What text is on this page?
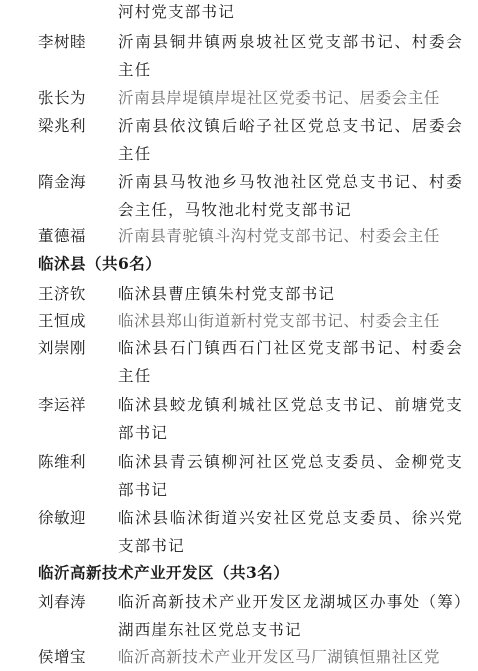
河村党支部书记
李树睦 沂南县铜井镇两泉坡社区党支部书记、村委会主任
张长为 沂南县岸堤镇岸堤社区党委书记、居委会主任
梁兆利 沂南县依汶镇后峪子社区党总支书记、居委会主任
隋金海 沂南县马牧池乡马牧池社区党总支书记、村委会主任，马牧池北村党支部书记
董德福 沂南县青驼镇斗沟村党支部书记、村委会主任
临沭县（共6名）
王济钦 临沭县曹庄镇朱村党支部书记
王恒成 临沭县郑山街道新村党支部书记、村委会主任
刘崇刚 临沭县石门镇西石门社区党支部书记、村委会主任
李运祥 临沭县蛟龙镇利城社区党总支书记、前塘党支部书记
陈维利 临沭县青云镇柳河社区党总支委员、金柳党支部书记
徐敏迎 临沭县临沭街道兴安社区党总支委员、徐兴党支部书记
临沂高新技术产业开发区（共3名）
刘春涛 临沂高新技术产业开发区龙湖城区办事处（筹）湖西崖东社区党总支书记
侯增宝 临沂高新技术产业开发区马厂湖镇恒鼎社区党
